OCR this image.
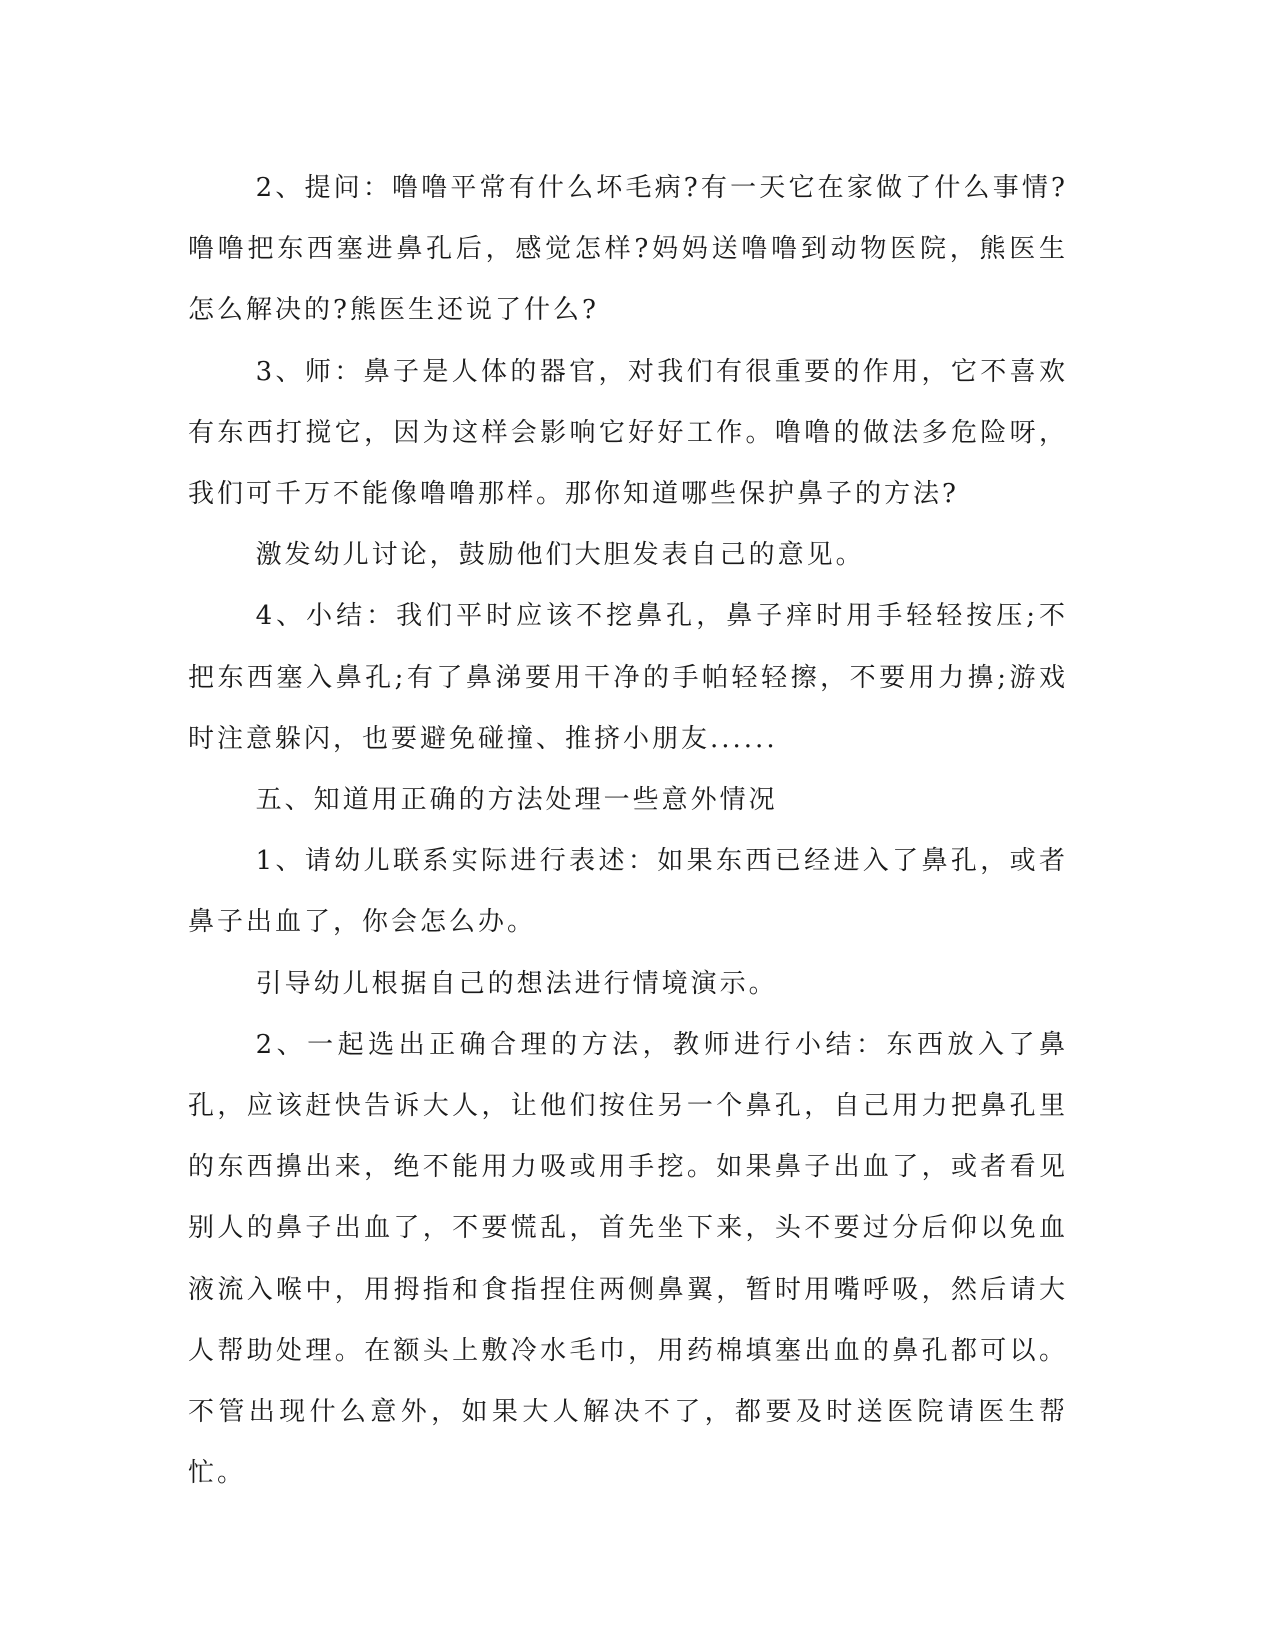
2、提问：噜噜平常有什么坏毛病?有一天它在家做了什么事情?噜噜把东西塞进鼻孔后，感觉怎样?妈妈送噜噜到动物医院，熊医生怎么解决的?熊医生还说了什么?

3、师：鼻子是人体的器官，对我们有很重要的作用，它不喜欢有东西打搅它，因为这样会影响它好好工作。噜噜的做法多危险呀，我们可千万不能像噜噜那样。那你知道哪些保护鼻子的方法?

激发幼儿讨论，鼓励他们大胆发表自己的意见。

4、小结：我们平时应该不挖鼻孔，鼻子痒时用手轻轻按压;不把东西塞入鼻孔;有了鼻涕要用干净的手帕轻轻擦，不要用力擤;游戏时注意躲闪，也要避免碰撞、推挤小朋友......

五、知道用正确的方法处理一些意外情况

1、请幼儿联系实际进行表述：如果东西已经进入了鼻孔，或者鼻子出血了，你会怎么办。

引导幼儿根据自己的想法进行情境演示。

2、一起选出正确合理的方法，教师进行小结：东西放入了鼻孔，应该赶快告诉大人，让他们按住另一个鼻孔，自己用力把鼻孔里的东西擤出来，绝不能用力吸或用手挖。如果鼻子出血了，或者看见别人的鼻子出血了，不要慌乱，首先坐下来，头不要过分后仰以免血液流入喉中，用拇指和食指捏住两侧鼻翼，暂时用嘴呼吸，然后请大人帮助处理。在额头上敷冷水毛巾，用药棉填塞出血的鼻孔都可以。不管出现什么意外，如果大人解决不了，都要及时送医院请医生帮忙。
